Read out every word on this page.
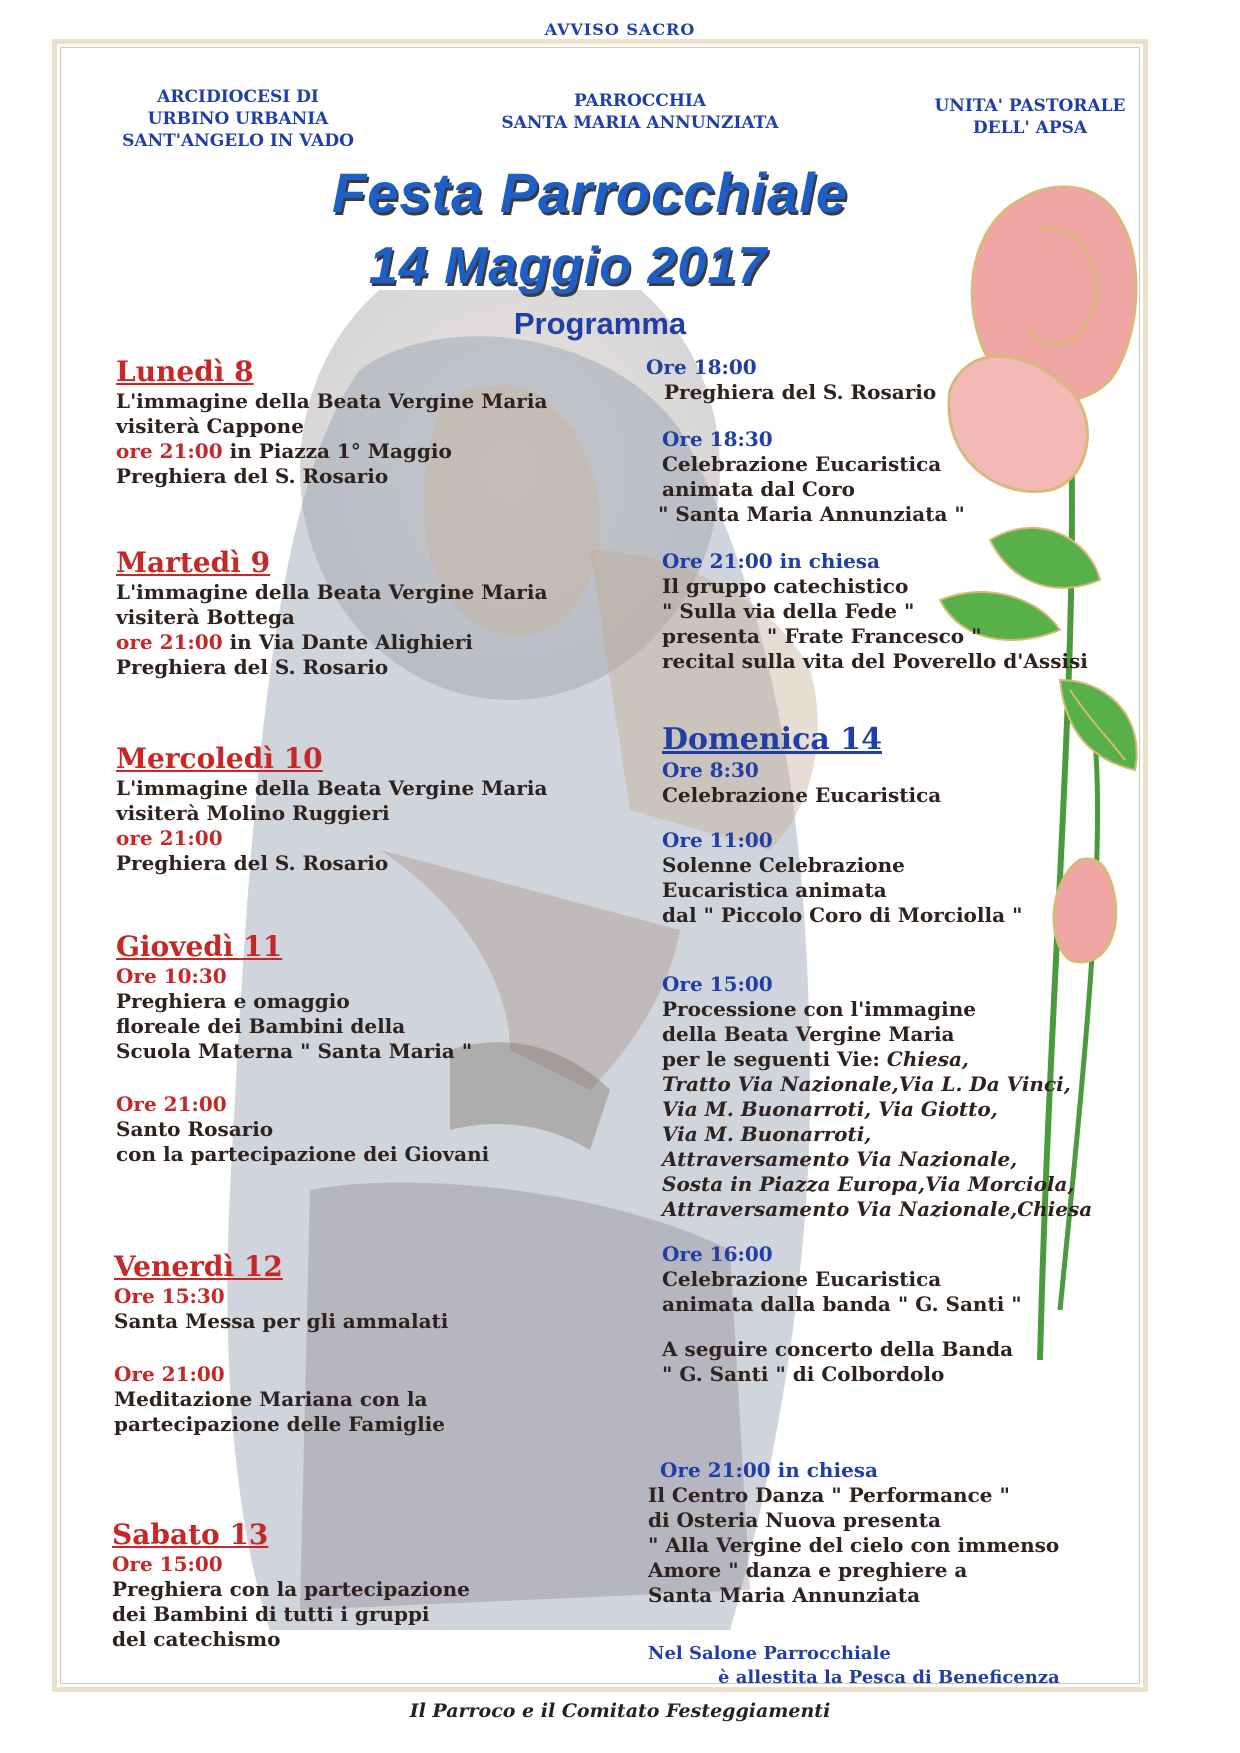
AVVISO SACRO
ARCIDIOCESI DI
URBINO URBANIA
SANT'ANGELO IN VADO
PARROCCHIA
SANTA MARIA ANNUNZIATA
UNITA' PASTORALE
DELL' APSA
Festa Parrocchiale
14 Maggio 2017
Programma
Lunedì 8
L'immagine della Beata Vergine Maria
visiterà Cappone
ore 21:00 in Piazza 1° Maggio
Preghiera del S. Rosario
Martedì 9
L'immagine della Beata Vergine Maria
visiterà Bottega
ore 21:00 in Via Dante Alighieri
Preghiera del S. Rosario
Mercoledì 10
L'immagine della Beata Vergine Maria
visiterà Molino Ruggieri
ore 21:00
Preghiera del S. Rosario
Giovedì 11
Ore 10:30
Preghiera e omaggio
floreale dei Bambini della
Scuola Materna " Santa Maria "
Ore 21:00
Santo Rosario
con la partecipazione dei Giovani
Venerdì 12
Ore 15:30
Santa Messa per gli ammalati
Ore 21:00
Meditazione Mariana con la
partecipazione delle Famiglie
Sabato 13
Ore 15:00
Preghiera con la partecipazione
dei Bambini di tutti i gruppi
del catechismo
Ore 18:00
Preghiera del S. Rosario
Ore 18:30
Celebrazione Eucaristica
animata dal Coro
" Santa Maria Annunziata "
Ore 21:00 in chiesa
Il gruppo catechistico
" Sulla via della Fede "
presenta " Frate Francesco "
recital sulla vita del Poverello d'Assisi
Domenica 14
Ore 8:30
Celebrazione Eucaristica
Ore 11:00
Solenne Celebrazione
Eucaristica animata
dal " Piccolo Coro di Morciolla "
Ore 15:00
Processione con l'immagine
della Beata Vergine Maria
per le seguenti Vie: Chiesa,
Tratto Via Nazionale,Via L. Da Vinci,
Via M. Buonarroti, Via Giotto,
Via M. Buonarroti,
Attraversamento Via Nazionale,
Sosta in Piazza Europa,Via Morciola,
Attraversamento Via Nazionale,Chiesa
Ore 16:00
Celebrazione Eucaristica
animata dalla banda " G. Santi "
A seguire concerto della Banda
" G. Santi " di Colbordolo
Ore 21:00 in chiesa
Il Centro Danza " Performance "
di Osteria Nuova presenta
" Alla Vergine del cielo con immenso
Amore " danza e preghiere a
Santa Maria Annunziata
Nel Salone Parrocchiale
è allestita la Pesca di Beneficenza
Il Parroco e il Comitato Festeggiamenti
